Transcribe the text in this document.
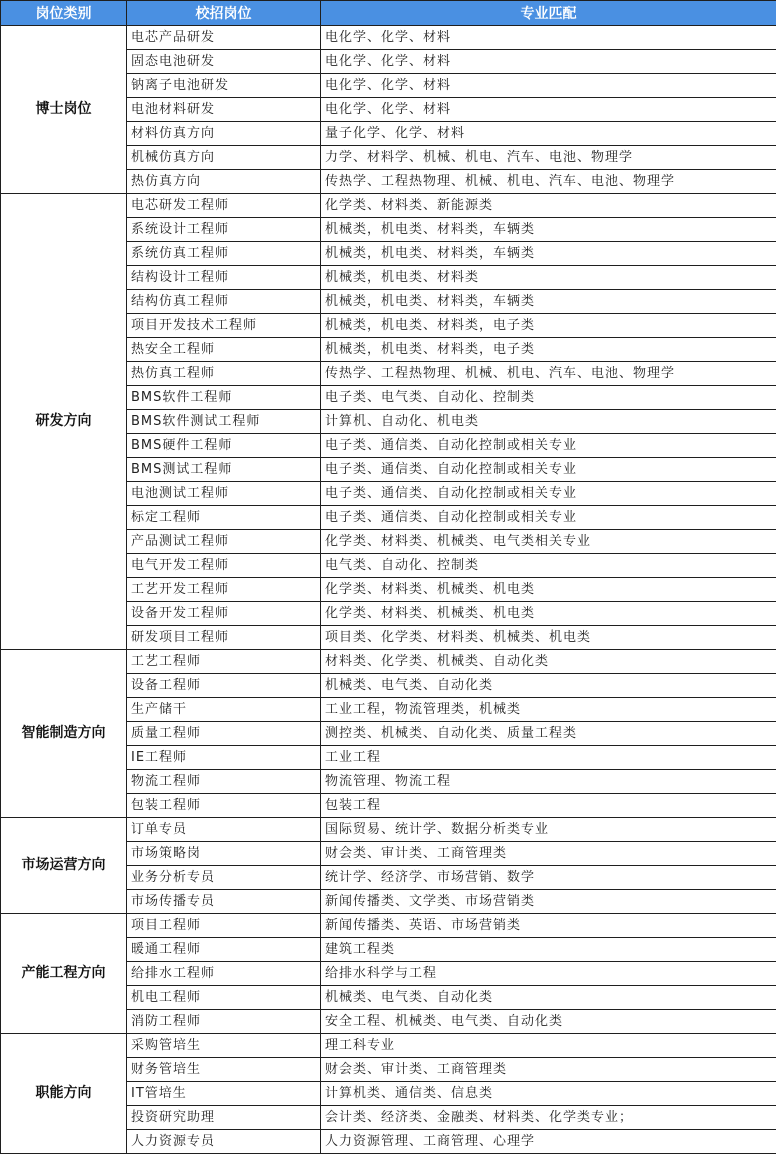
岗位类别	校招岗位	专业匹配
博士岗位	电芯产品研发	电化学、化学、材料
	固态电池研发	电化学、化学、材料
	钠离子电池研发	电化学、化学、材料
	电池材料研发	电化学、化学、材料
	材料仿真方向	量子化学、化学、材料
	机械仿真方向	力学、材料学、机械、机电、汽车、电池、物理学
	热仿真方向	传热学、工程热物理、机械、机电、汽车、电池、物理学
研发方向	电芯研发工程师	化学类、材料类、新能源类
	系统设计工程师	机械类，机电类、材料类，车辆类
	系统仿真工程师	机械类，机电类、材料类，车辆类
	结构设计工程师	机械类，机电类、材料类
	结构仿真工程师	机械类，机电类、材料类，车辆类
	项目开发技术工程师	机械类，机电类、材料类，电子类
	热安全工程师	机械类，机电类、材料类，电子类
	热仿真工程师	传热学、工程热物理、机械、机电、汽车、电池、物理学
	BMS软件工程师	电子类、电气类、自动化、控制类
	BMS软件测试工程师	计算机、自动化、机电类
	BMS硬件工程师	电子类、通信类、自动化控制或相关专业
	BMS测试工程师	电子类、通信类、自动化控制或相关专业
	电池测试工程师	电子类、通信类、自动化控制或相关专业
	标定工程师	电子类、通信类、自动化控制或相关专业
	产品测试工程师	化学类、材料类、机械类、电气类相关专业
	电气开发工程师	电气类、自动化、控制类
	工艺开发工程师	化学类、材料类、机械类、机电类
	设备开发工程师	化学类、材料类、机械类、机电类
	研发项目工程师	项目类、化学类、材料类、机械类、机电类
智能制造方向	工艺工程师	材料类、化学类、机械类、自动化类
	设备工程师	机械类、电气类、自动化类
	生产储干	工业工程，物流管理类，机械类
	质量工程师	测控类、机械类、自动化类、质量工程类
	IE工程师	工业工程
	物流工程师	物流管理、物流工程
	包装工程师	包装工程
市场运营方向	订单专员	国际贸易、统计学、数据分析类专业
	市场策略岗	财会类、审计类、工商管理类
	业务分析专员	统计学、经济学、市场营销、数学
	市场传播专员	新闻传播类、文学类、市场营销类
产能工程方向	项目工程师	新闻传播类、英语、市场营销类
	暖通工程师	建筑工程类
	给排水工程师	给排水科学与工程
	机电工程师	机械类、电气类、自动化类
	消防工程师	安全工程、机械类、电气类、自动化类
职能方向	采购管培生	理工科专业
	财务管培生	财会类、审计类、工商管理类
	IT管培生	计算机类、通信类、信息类
	投资研究助理	会计类、经济类、金融类、材料类、化学类专业；
	人力资源专员	人力资源管理、工商管理、心理学
